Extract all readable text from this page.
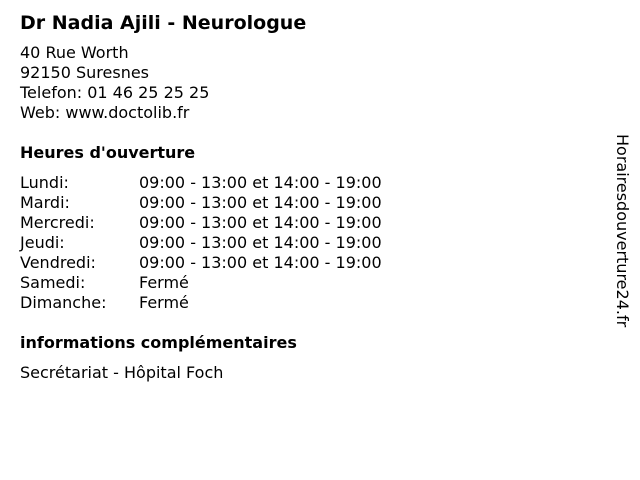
Dr Nadia Ajili - Neurologue
40 Rue Worth
92150 Suresnes
Telefon: 01 46 25 25 25
Web: www.doctolib.fr
Heures d'ouverture
Lundi:	09:00 - 13:00 et 14:00 - 19:00
Mardi:	09:00 - 13:00 et 14:00 - 19:00
Mercredi:	09:00 - 13:00 et 14:00 - 19:00
Jeudi:	09:00 - 13:00 et 14:00 - 19:00
Vendredi:	09:00 - 13:00 et 14:00 - 19:00
Samedi:	Fermé
Dimanche:	Fermé
informations complémentaires
Secrétariat - Hôpital Foch
Horairesdouverture24.fr
